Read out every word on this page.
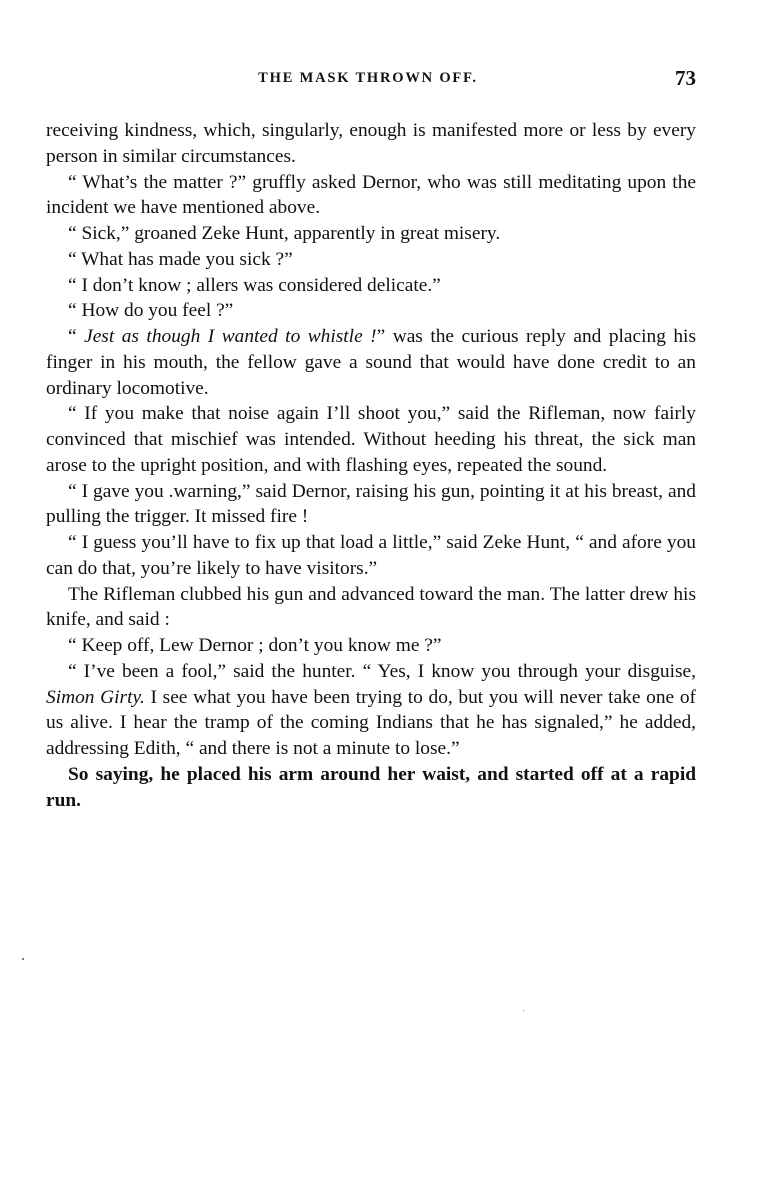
THE MASK THROWN OFF.	73

receiving kindness, which, singularly, enough is manifested more or less by every person in similar circumstances.

“ What’s the matter ?” gruffly asked Dernor, who was still meditating upon the incident we have mentioned above.

“ Sick,” groaned Zeke Hunt, apparently in great misery.

“ What has made you sick ?”

“ I don’t know ; allers was considered delicate.”

“ How do you feel ?”

“ Jest as though I wanted to whistle !” was the curious reply and placing his finger in his mouth, the fellow gave a sound that would have done credit to an ordinary locomotive.

“ If you make that noise again I’ll shoot you,” said the Rifleman, now fairly convinced that mischief was intended. Without heeding his threat, the sick man arose to the upright position, and with flashing eyes, repeated the sound.

“ I gave you .warning,” said Dernor, raising his gun, pointing it at his breast, and pulling the trigger. It missed fire !

“ I guess you’ll have to fix up that load a little,” said Zeke Hunt, “ and afore you can do that, you’re likely to have visitors.”

The Rifleman clubbed his gun and advanced toward the man. The latter drew his knife, and said :

“ Keep off, Lew Dernor ; don’t you know me ?”

“ I’ve been a fool,” said the hunter. “ Yes, I know you through your disguise, Simon Girty. I see what you have been trying to do, but you will never take one of us alive. I hear the tramp of the coming Indians that he has signaled,” he added, addressing Edith, “ and there is not a minute to lose.”

So saying, he placed his arm around her waist, and started off at a rapid run.
